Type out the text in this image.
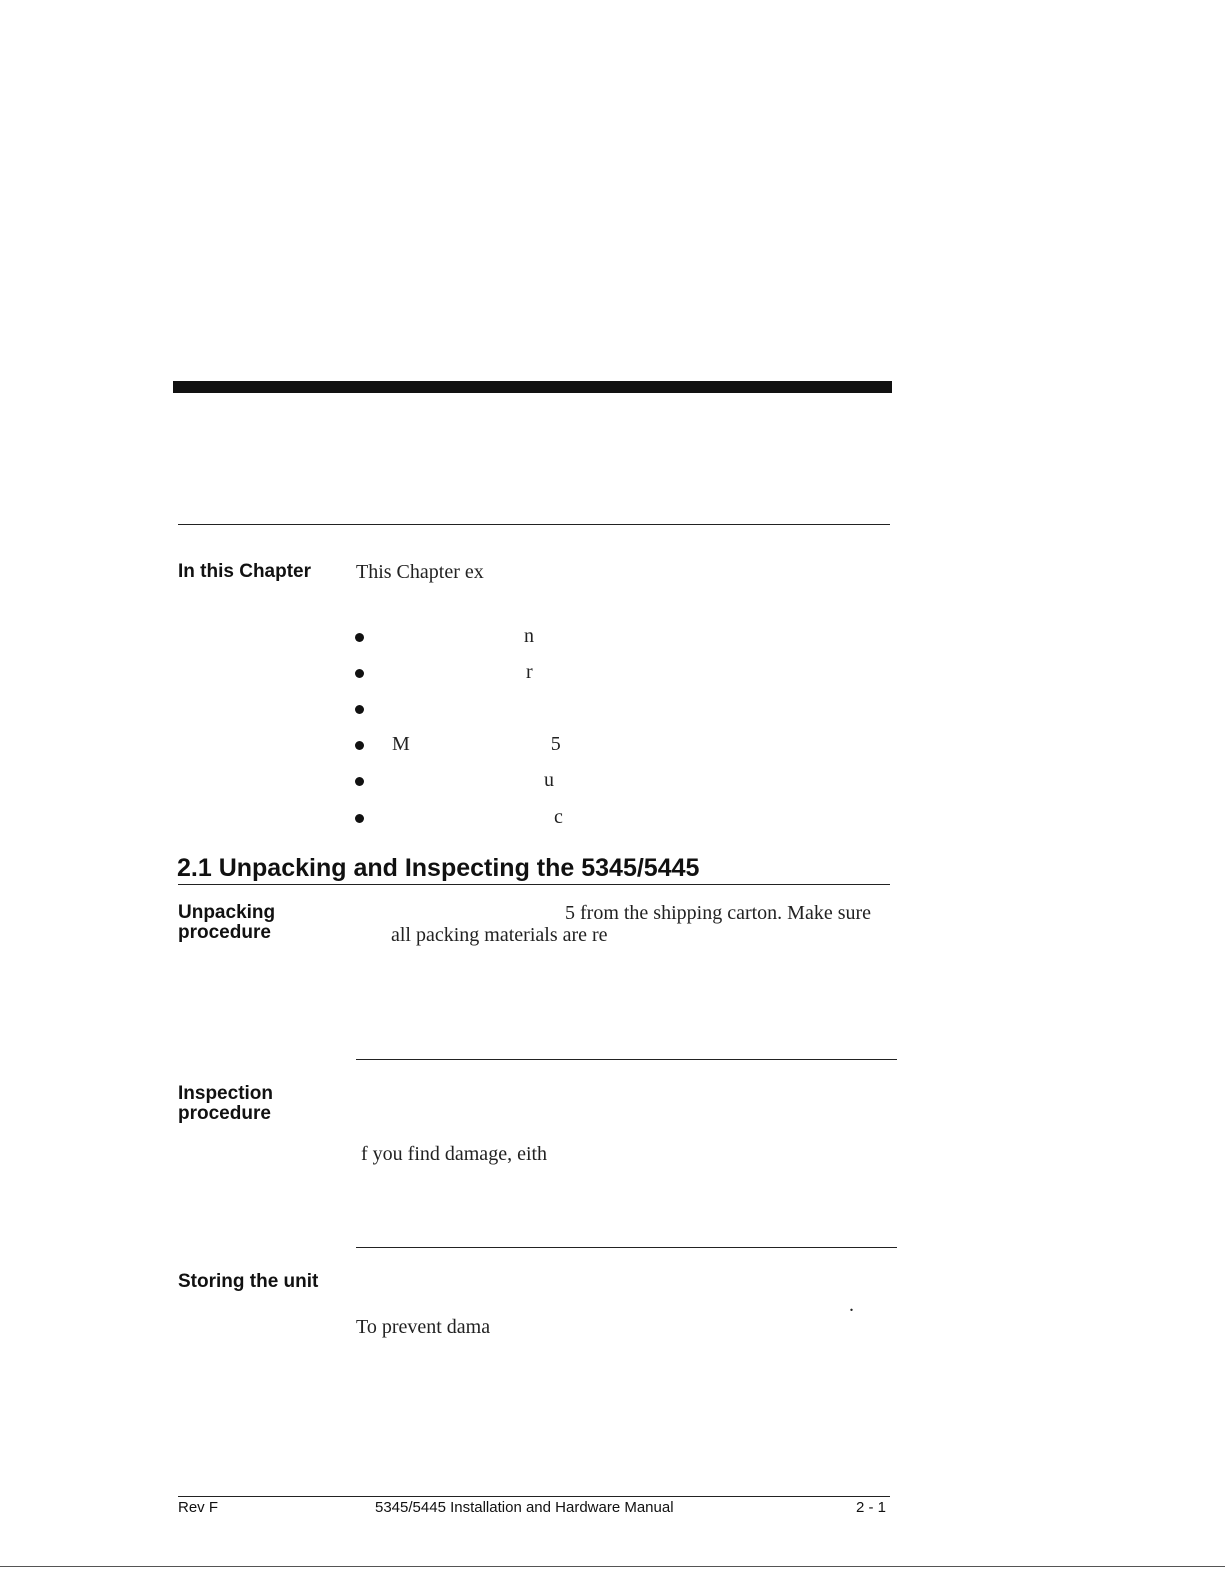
In this Chapter	This Chapter ex
n
r
M 5
u
c
2.1 Unpacking and Inspecting the 5345/5445
Unpacking
procedure
5 from the shipping carton. Make sure
all packing materials are re
Inspection
procedure
f you find damage, eith
Storing the unit
.
To prevent dama
Rev F	5345/5445 Installation and Hardware Manual	2 - 1
